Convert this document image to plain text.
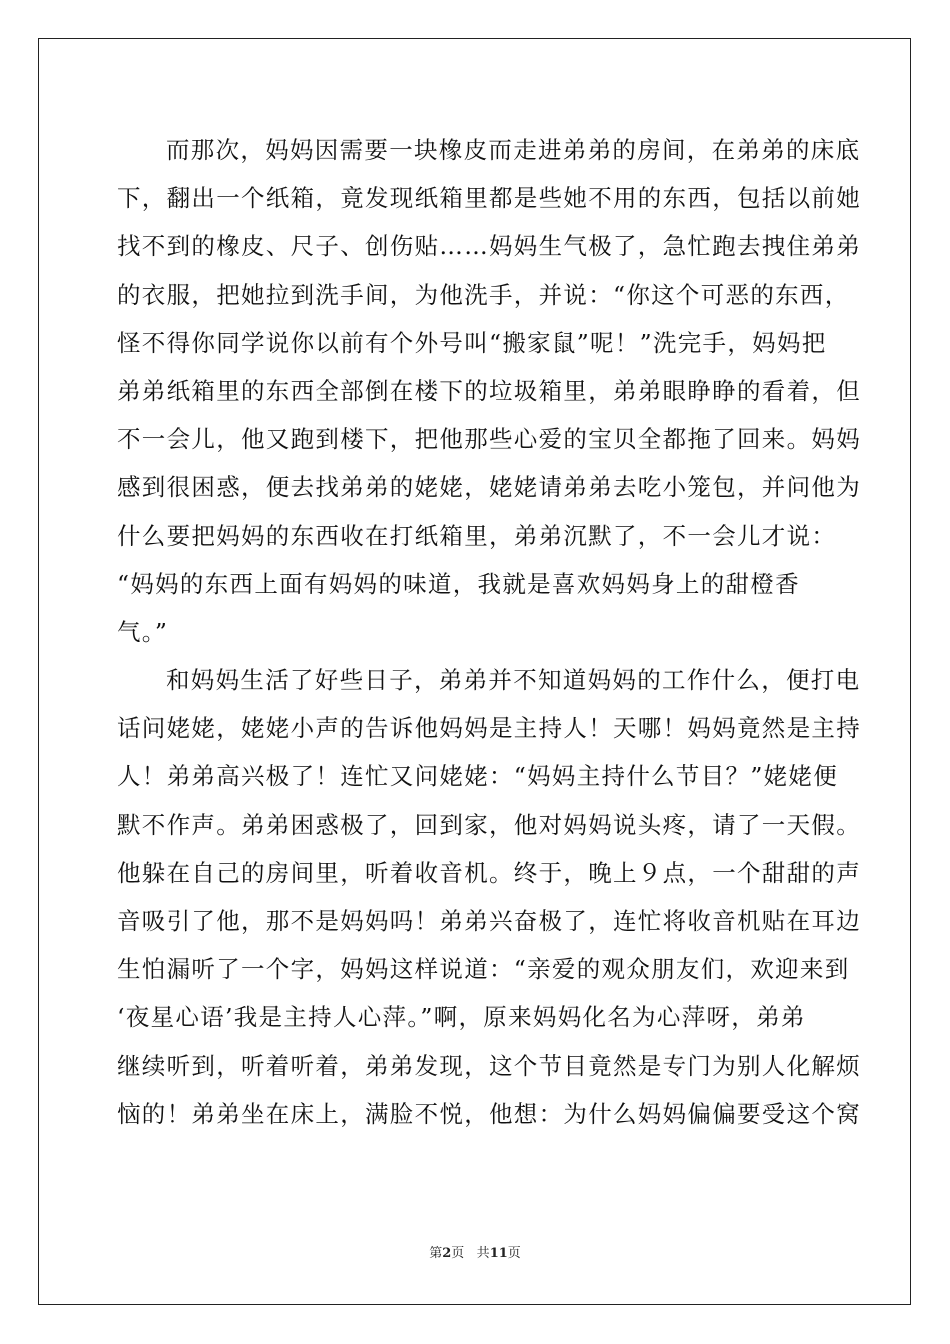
而那次，妈妈因需要一块橡皮而走进弟弟的房间，在弟弟的床底
下，翻出一个纸箱，竟发现纸箱里都是些她不用的东西，包括以前她
找不到的橡皮、尺子、创伤贴……妈妈生气极了，急忙跑去拽住弟弟
的衣服，把她拉到洗手间，为他洗手，并说：“你这个可恶的东西，
怪不得你同学说你以前有个外号叫“搬家鼠”呢！”洗完手，妈妈把
弟弟纸箱里的东西全部倒在楼下的垃圾箱里，弟弟眼睁睁的看着，但
不一会儿，他又跑到楼下，把他那些心爱的宝贝全都拖了回来。妈妈
感到很困惑，便去找弟弟的姥姥，姥姥请弟弟去吃小笼包，并问他为
什么要把妈妈的东西收在打纸箱里，弟弟沉默了，不一会儿才说：
“妈妈的东西上面有妈妈的味道，我就是喜欢妈妈身上的甜橙香
气。”
和妈妈生活了好些日子，弟弟并不知道妈妈的工作什么，便打电
话问姥姥，姥姥小声的告诉他妈妈是主持人！天哪！妈妈竟然是主持
人！弟弟高兴极了！连忙又问姥姥：“妈妈主持什么节目？”姥姥便
默不作声。弟弟困惑极了，回到家，他对妈妈说头疼，请了一天假。
他躲在自己的房间里，听着收音机。终于，晚上９点，一个甜甜的声
音吸引了他，那不是妈妈吗！弟弟兴奋极了，连忙将收音机贴在耳边
生怕漏听了一个字，妈妈这样说道：“亲爱的观众朋友们，欢迎来到
‘夜星心语’我是主持人心萍。”啊，原来妈妈化名为心萍呀，弟弟
继续听到，听着听着，弟弟发现，这个节目竟然是专门为别人化解烦
恼的！弟弟坐在床上，满脸不悦，他想：为什么妈妈偏偏要受这个窝
第2页 共11页
